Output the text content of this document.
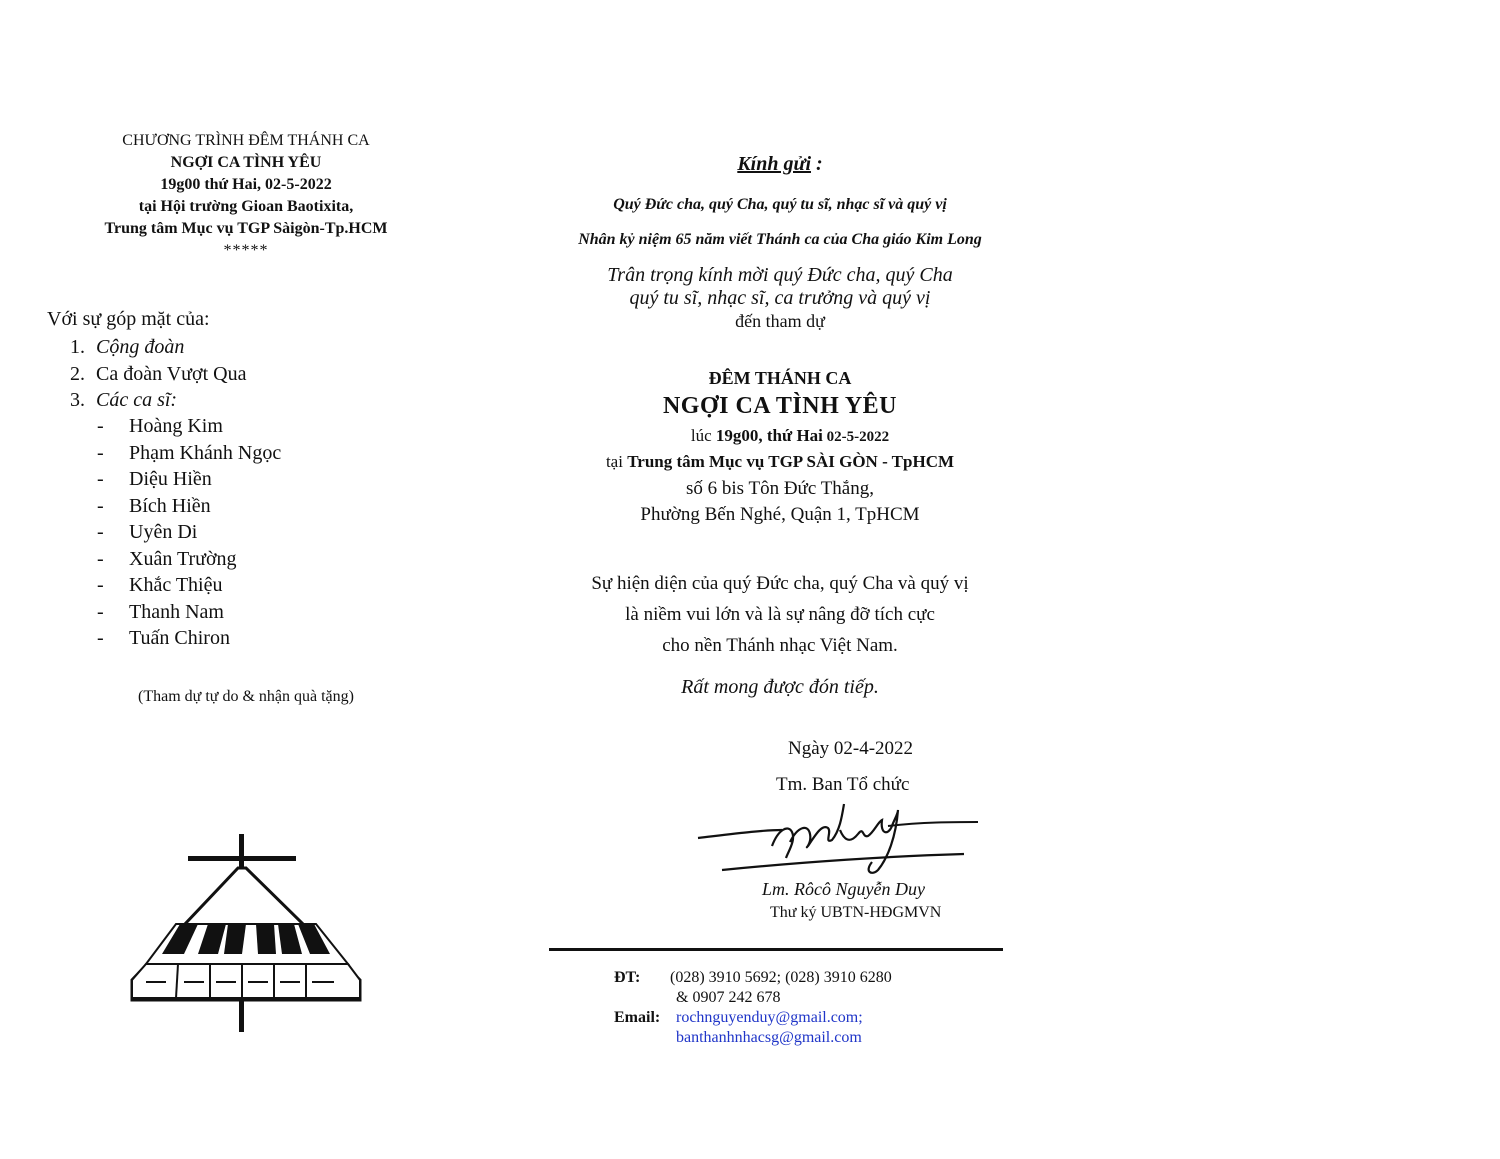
CHƯƠNG TRÌNH ĐÊM THÁNH CA
NGỢI CA TÌNH YÊU
19g00 thứ Hai, 02-5-2022
tại Hội trường Gioan Baotixita,
Trung tâm Mục vụ TGP Sàigòn-Tp.HCM
*****
Với sự góp mặt của:
1. Cộng đoàn
2. Ca đoàn Vượt Qua
3. Các ca sĩ:
- Hoàng Kim
- Phạm Khánh Ngọc
- Diệu Hiền
- Bích Hiền
- Uyên Di
- Xuân Trường
- Khắc Thiệu
- Thanh Nam
- Tuấn Chiron
(Tham dự tự do & nhận quà tặng)
Kính gửi :
Quý Đức cha, quý Cha, quý tu sĩ, nhạc sĩ và quý vị
Nhân kỷ niệm 65 năm viết Thánh ca của Cha giáo Kim Long
Trân trọng kính mời quý Đức cha, quý Cha
quý tu sĩ, nhạc sĩ, ca trưởng và quý vị
đến tham dự
ĐÊM THÁNH CA
NGỢI CA TÌNH YÊU
lúc 19g00, thứ Hai 02-5-2022
tại Trung tâm Mục vụ TGP SÀI GÒN - TpHCM
số 6 bis Tôn Đức Thắng,
Phường Bến Nghé, Quận 1, TpHCM
Sự hiện diện của quý Đức cha, quý Cha và quý vị
là niềm vui lớn và là sự nâng đỡ tích cực
cho nền Thánh nhạc Việt Nam.
Rất mong được đón tiếp.
Ngày 02-4-2022
Tm. Ban Tổ chức
Lm. Rôcô Nguyễn Duy
Thư ký UBTN-HĐGMVN
ĐT: (028) 3910 5692; (028) 3910 6280
& 0907 242 678
Email: rochnguyenduy@gmail.com;
banthanhnhacsg@gmail.com
